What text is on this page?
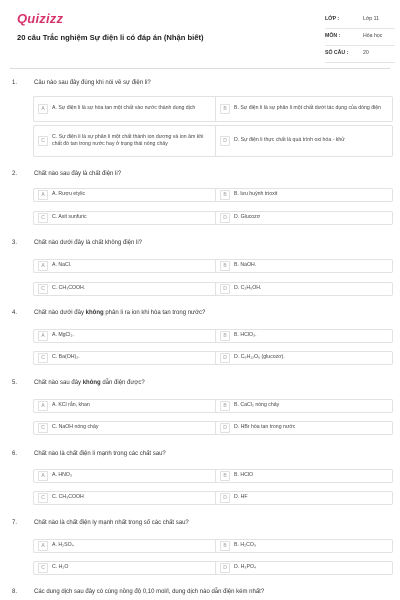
Quizizz
20 câu Trắc nghiệm Sự điện li có đáp án (Nhận biết)
LỚP :	Lớp 11
MÔN :	Hóa học
SỐ CÂU :	20
1.	Câu nào sau đây đúng khi nói về sự điện li?
A	A. Sự điện li là sự hòa tan một chất vào nước thành dung dịch	B	B. Sự điện li là sự phân li một chất dưới tác dụng của dòng điện
C
C. Sự điện li là sự phân li một chất thành ion dương và ion âm khi chất đó tan trong nước hay ở trạng thái nóng chảy	D	D. Sự điện li thực chất là quá trình oxi hóa - khử
2.	Chất nào sau đây là chất điện li?
A	A. Rượu etylic	B	B. lưu huỳnh trioxit
C	C. Axit sunfuric	D	D. Glucozơ
3.	Chất nào dưới đây là chất không điện li?
A	A. NaCl.	B	B. NaOH.
C	C. CH₃COOH.	D	D. C₂H₅OH.
4.	Chất nào dưới đây không phân li ra ion khi hòa tan trong nước?
A	A. MgCl₂.	B	B. HClO₃.
C	C. Ba(OH)₂.	D	D. C₆H₁₂O₆ (glucozơ).
5.	Chất nào sau đây không dẫn điện được?
A	A. KCl rắn, khan	B	B. CaCl₂ nóng chảy
C	C. NaOH nóng chảy	D	D. HBr hòa tan trong nước
6.	Chất nào là chất điện li mạnh trong các chất sau?
A	A. HNO₃	B	B. HClO
C	C. CH₃COOH	D	D. HF
7.	Chất nào là chất điện ly mạnh nhất trong số các chất sau?
A	A. H₂SO₄	B	B. H₂CO₃
C	C. H₂O	D	D. H₃PO₄
8.	Các dung dịch sau đây có cùng nồng độ 0,10 mol/l, dung dịch nào dẫn điện kém nhất?
